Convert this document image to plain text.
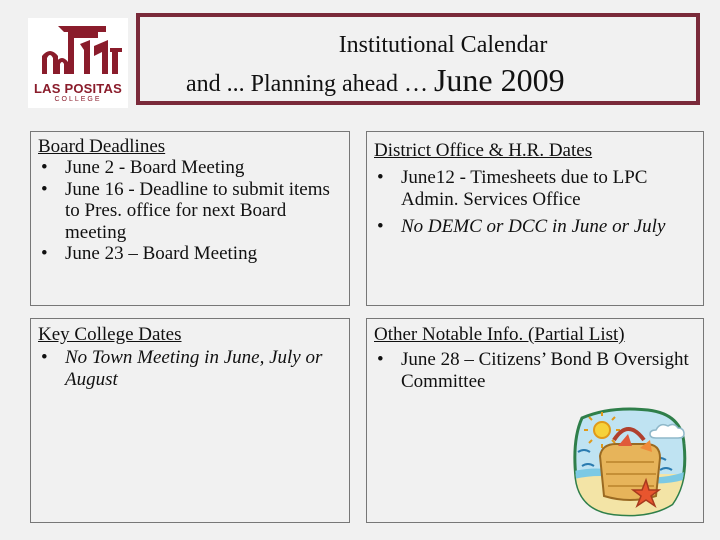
LAS POSITAS
COLLEGE
Institutional Calendar
and ... Planning ahead … June 2009
Board Deadlines
• June 2 - Board Meeting
• June 16 - Deadline to submit items to Pres. office for next Board meeting
• June 23 – Board Meeting
District Office & H.R. Dates
• June12 - Timesheets due to LPC Admin. Services Office
• No DEMC or DCC in June or July
Key College Dates
• No Town Meeting in June, July or August
Other Notable Info. (Partial List)
• June 28 – Citizens’ Bond B Oversight Committee
